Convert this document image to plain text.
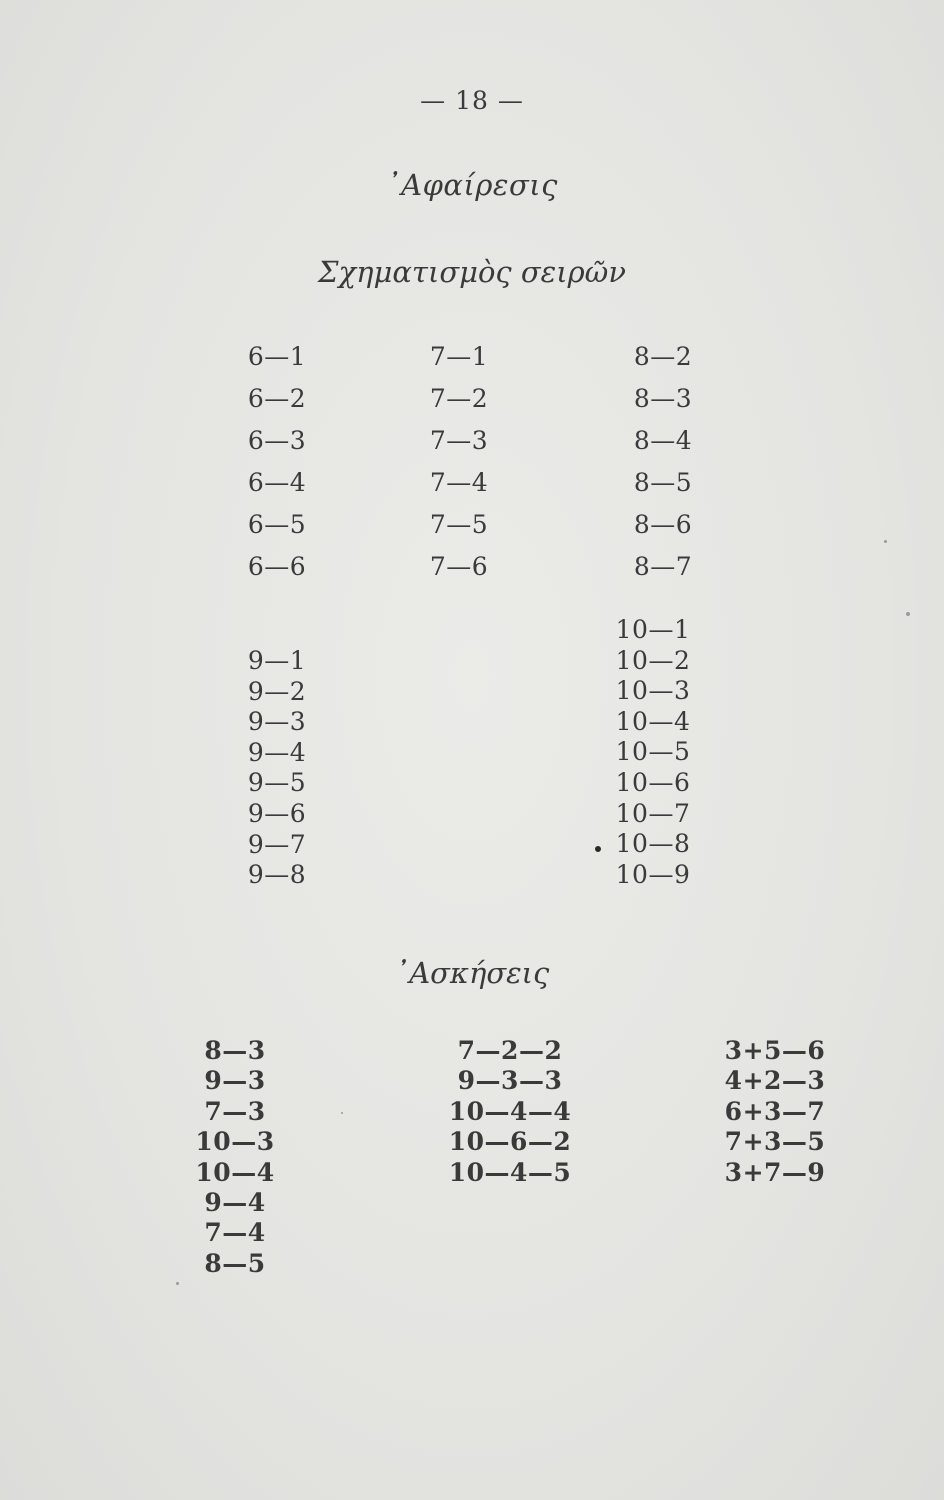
— 18 —
᾿Αφαίρεσις
Σχηματισμὸς σειρῶν
6—1
6—2
6—3
6—4
6—5
6—6
7—1
7—2
7—3
7—4
7—5
7—6
8—2
8—3
8—4
8—5
8—6
8—7
9—1
9—2
9—3
9—4
9—5
9—6
9—7
9—8
10—1
10—2
10—3
10—4
10—5
10—6
10—7
10—8
10—9
᾿Ασκήσεις
8—3
9—3
7—3
10—3
10—4
9—4
7—4
8—5
7—2—2
9—3—3
10—4—4
10—6—2
10—4—5
3+5—6
4+2—3
6+3—7
7+3—5
3+7—9
